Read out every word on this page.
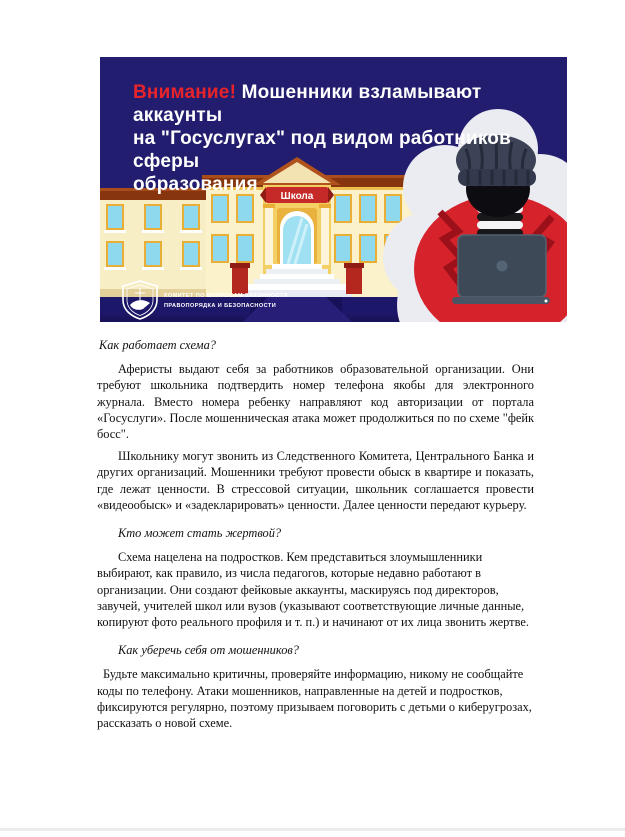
Школа
КОМИТЕТ ПО ВОПРОСАМ ЗАКОННОСТИ
ПРАВОПОРЯДКА И БЕЗОПАСНОСТИ
Внимание! Мошенники взламывают аккаунты
на "Госуслугах" под видом работников сферы
образования

Как работает схема?

Аферисты выдают себя за работников образовательной организации. Они требуют школьника подтвердить номер телефона якобы для электронного журнала. Вместо номера ребенку направляют код авторизации от портала «Госуслуги». После мошенническая атака может продолжиться по по схеме "фейк босс".

Школьнику могут звонить из Следственного Комитета, Центрального Банка и других организаций. Мошенники требуют провести обыск в квартире и показать, где лежат ценности. В стрессовой ситуации, школьник соглашается провести «видеообыск» и «задекларировать» ценности. Далее ценности передают курьеру.

Кто может стать жертвой?

Схема нацелена на подростков. Кем представиться злоумышленники выбирают, как правило, из числа педагогов, которые недавно работают в организации. Они создают фейковые аккаунты, маскируясь под директоров, завучей, учителей школ или вузов (указывают соответствующие личные данные, копируют фото реального профиля и т. п.) и начинают от их лица звонить жертве.

Как уберечь себя от мошенников?

Будьте максимально критичны, проверяйте информацию, никому не сообщайте коды по телефону. Атаки мошенников, направленные на детей и подростков, фиксируются регулярно, поэтому призываем поговорить с детьми о киберугрозах, рассказать о новой схеме.
